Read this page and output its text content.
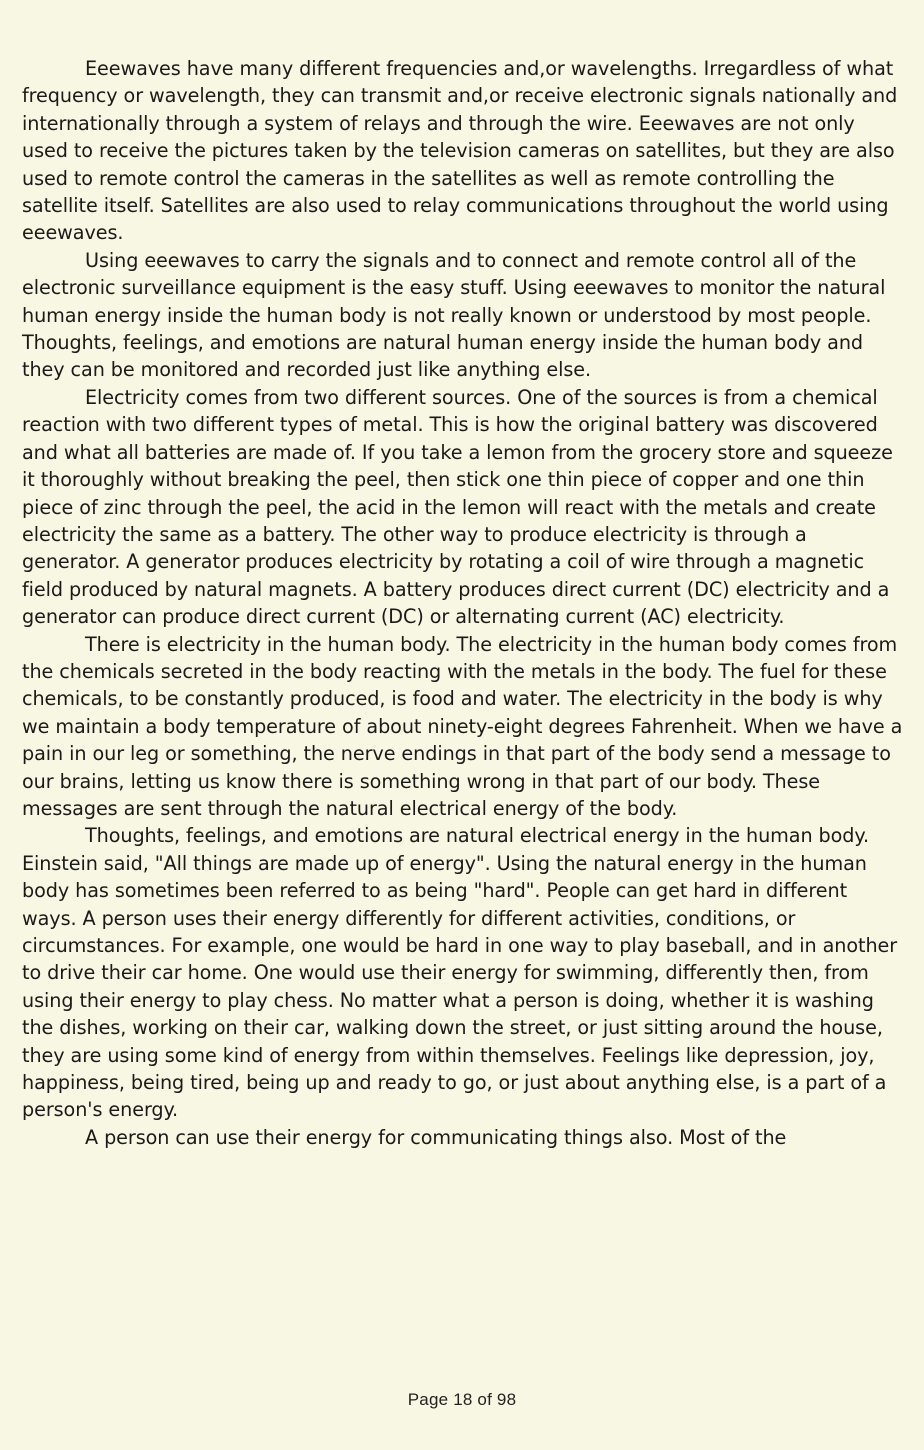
Eeewaves have many different frequencies and,or wavelengths. Irregardless of what frequency or wavelength, they can transmit and,or receive electronic signals nationally and internationally through a system of relays and through the wire. Eeewaves are not only used to receive the pictures taken by the television cameras on satellites, but they are also used to remote control the cameras in the satellites as well as remote controlling the satellite itself. Satellites are also used to relay communications throughout the world using eeewaves.

Using eeewaves to carry the signals and to connect and remote control all of the electronic surveillance equipment is the easy stuff. Using eeewaves to monitor the natural human energy inside the human body is not really known or understood by most people. Thoughts, feelings, and emotions are natural human energy inside the human body and they can be monitored and recorded just like anything else.

Electricity comes from two different sources. One of the sources is from a chemical reaction with two different types of metal. This is how the original battery was discovered and what all batteries are made of. If you take a lemon from the grocery store and squeeze it thoroughly without breaking the peel, then stick one thin piece of copper and one thin piece of zinc through the peel, the acid in the lemon will react with the metals and create electricity the same as a battery. The other way to produce electricity is through a generator. A generator produces electricity by rotating a coil of wire through a magnetic field produced by natural magnets. A battery produces direct current (DC) electricity and a generator can produce direct current (DC) or alternating current (AC) electricity.

There is electricity in the human body. The electricity in the human body comes from the chemicals secreted in the body reacting with the metals in the body. The fuel for these chemicals, to be constantly produced, is food and water. The electricity in the body is why we maintain a body temperature of about ninety-eight degrees Fahrenheit. When we have a pain in our leg or something, the nerve endings in that part of the body send a message to our brains, letting us know there is something wrong in that part of our body. These messages are sent through the natural electrical energy of the body.

Thoughts, feelings, and emotions are natural electrical energy in the human body. Einstein said, "All things are made up of energy". Using the natural energy in the human body has sometimes been referred to as being "hard". People can get hard in different ways. A person uses their energy differently for different activities, conditions, or circumstances. For example, one would be hard in one way to play baseball, and in another to drive their car home. One would use their energy for swimming, differently then, from using their energy to play chess. No matter what a person is doing, whether it is washing the dishes, working on their car, walking down the street, or just sitting around the house, they are using some kind of energy from within themselves. Feelings like depression, joy, happiness, being tired, being up and ready to go, or just about anything else, is a part of a person's energy.

A person can use their energy for communicating things also. Most of the

Page 18 of 98
